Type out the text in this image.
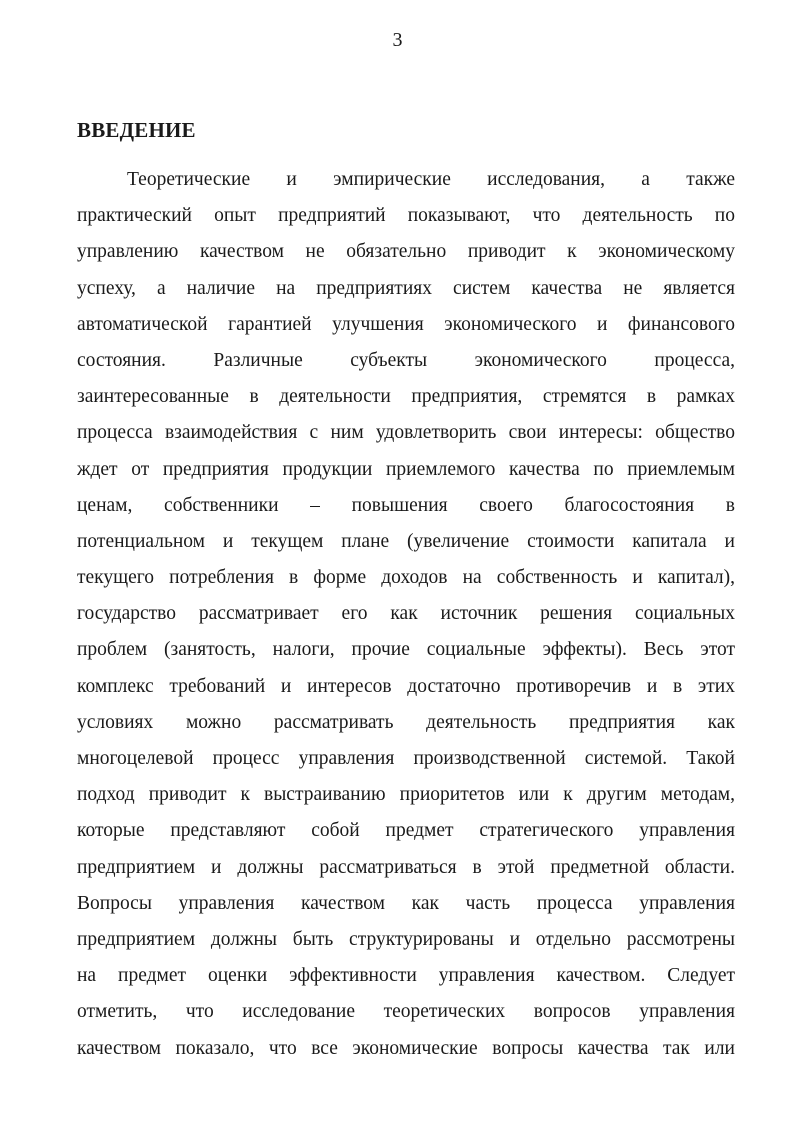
3
ВВЕДЕНИЕ
Теоретические и эмпирические исследования, а также
практический опыт предприятий показывают, что деятельность по
управлению качеством не обязательно приводит к экономическому
успеху, а наличие на предприятиях систем качества не является
автоматической гарантией улучшения экономического и финансового
состояния. Различные субъекты экономического процесса,
заинтересованные в деятельности предприятия, стремятся в рамках
процесса взаимодействия с ним удовлетворить свои интересы: общество
ждет от предприятия продукции приемлемого качества по приемлемым
ценам, собственники – повышения своего благосостояния в
потенциальном и текущем плане (увеличение стоимости капитала и
текущего потребления в форме доходов на собственность и капитал),
государство рассматривает его как источник решения социальных
проблем (занятость, налоги, прочие социальные эффекты). Весь этот
комплекс требований и интересов достаточно противоречив и в этих
условиях можно рассматривать деятельность предприятия как
многоцелевой процесс управления производственной системой. Такой
подход приводит к выстраиванию приоритетов или к другим методам,
которые представляют собой предмет стратегического управления
предприятием и должны рассматриваться в этой предметной области.
Вопросы управления качеством как часть процесса управления
предприятием должны быть структурированы и отдельно рассмотрены
на предмет оценки эффективности управления качеством. Следует
отметить, что исследование теоретических вопросов управления
качеством показало, что все экономические вопросы качества так или
